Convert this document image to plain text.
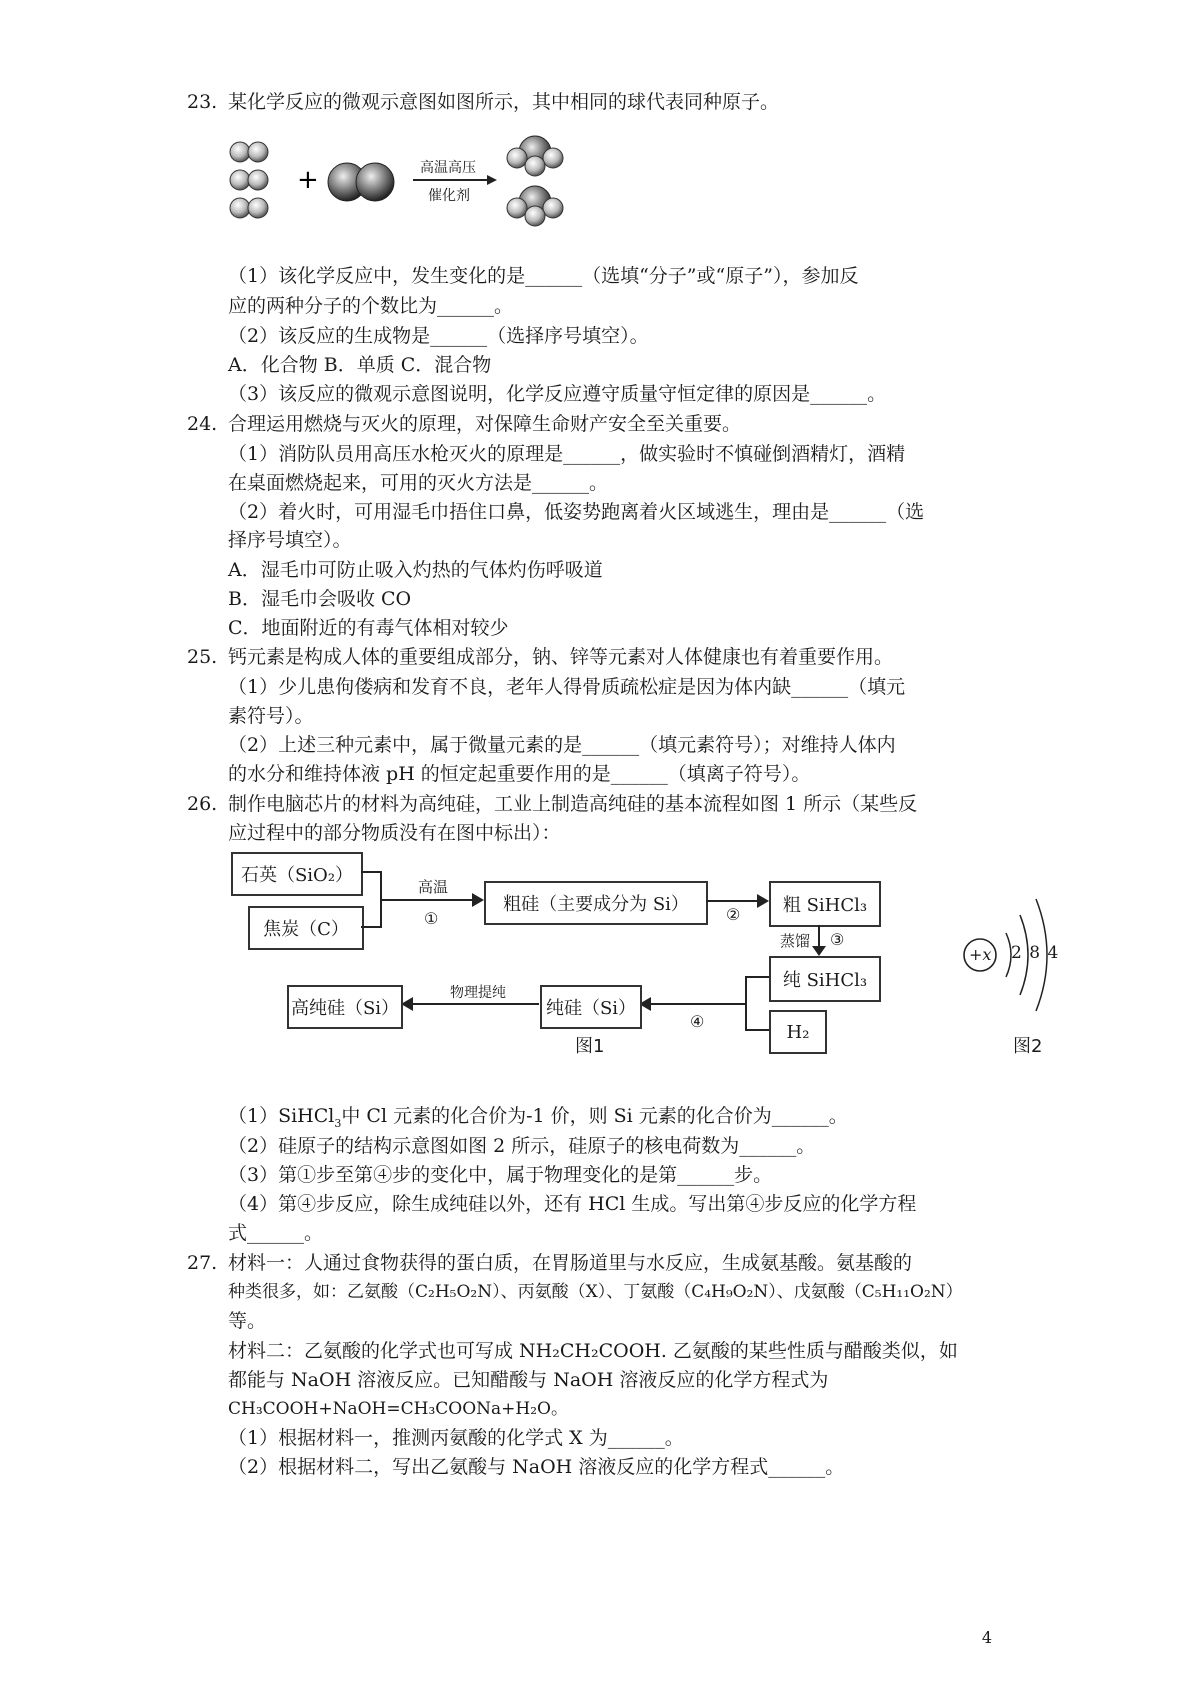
23. 某化学反应的微观示意图如图所示，其中相同的球代表同种原子。
+	高温高压
催化剂
（1）该化学反应中，发生变化的是______（选填“分子”或“原子”），参加反
应的两种分子的个数比为______。
（2）该反应的生成物是______（选择序号填空）。
A．化合物 B．单质 C．混合物
（3）该反应的微观示意图说明，化学反应遵守质量守恒定律的原因是______。
24. 合理运用燃烧与灭火的原理，对保障生命财产安全至关重要。
（1）消防队员用高压水枪灭火的原理是______，做实验时不慎碰倒酒精灯，酒精
在桌面燃烧起来，可用的灭火方法是______。
（2）着火时，可用湿毛巾捂住口鼻，低姿势跑离着火区域逃生，理由是______（选
择序号填空）。
A．湿毛巾可防止吸入灼热的气体灼伤呼吸道
B．湿毛巾会吸收 CO
C．地面附近的有毒气体相对较少
25. 钙元素是构成人体的重要组成部分，钠、锌等元素对人体健康也有着重要作用。
（1）少儿患佝偻病和发育不良，老年人得骨质疏松症是因为体内缺______（填元
素符号）。
（2）上述三种元素中，属于微量元素的是______（填元素符号）；对维持人体内
的水分和维持体液 pH 的恒定起重要作用的是______（填离子符号）。
26. 制作电脑芯片的材料为高纯硅，工业上制造高纯硅的基本流程如图 1 所示（某些反
应过程中的部分物质没有在图中标出）：
石英（SiO₂）
焦炭（C）
高温
①
粗硅（主要成分为 Si）	②	粗 SiHCl₃
蒸馏 ③
纯 SiHCl₃
H₂
④
纯硅（Si）
物理提纯
高纯硅（Si）
图1
+x 2 8 4
图2
（1）SiHCl$_3$中 Cl 元素的化合价为-1 价，则 Si 元素的化合价为______。
（2）硅原子的结构示意图如图 2 所示，硅原子的核电荷数为______。
（3）第①步至第④步的变化中，属于物理变化的是第______步。
（4）第④步反应，除生成纯硅以外，还有 HCl 生成。写出第④步反应的化学方程
式______。
27. 材料一：人通过食物获得的蛋白质，在胃肠道里与水反应，生成氨基酸。氨基酸的
种类很多，如：乙氨酸（C₂H₅O₂N）、丙氨酸（X）、丁氨酸（C₄H₉O₂N）、戊氨酸（C₅H₁₁O₂N）
等。
材料二：乙氨酸的化学式也可写成 NH₂CH₂COOH. 乙氨酸的某些性质与醋酸类似，如
都能与 NaOH 溶液反应。已知醋酸与 NaOH 溶液反应的化学方程式为
CH₃COOH+NaOH=CH₃COONa+H₂O。
（1）根据材料一，推测丙氨酸的化学式 X 为______。
（2）根据材料二，写出乙氨酸与 NaOH 溶液反应的化学方程式______。
4
